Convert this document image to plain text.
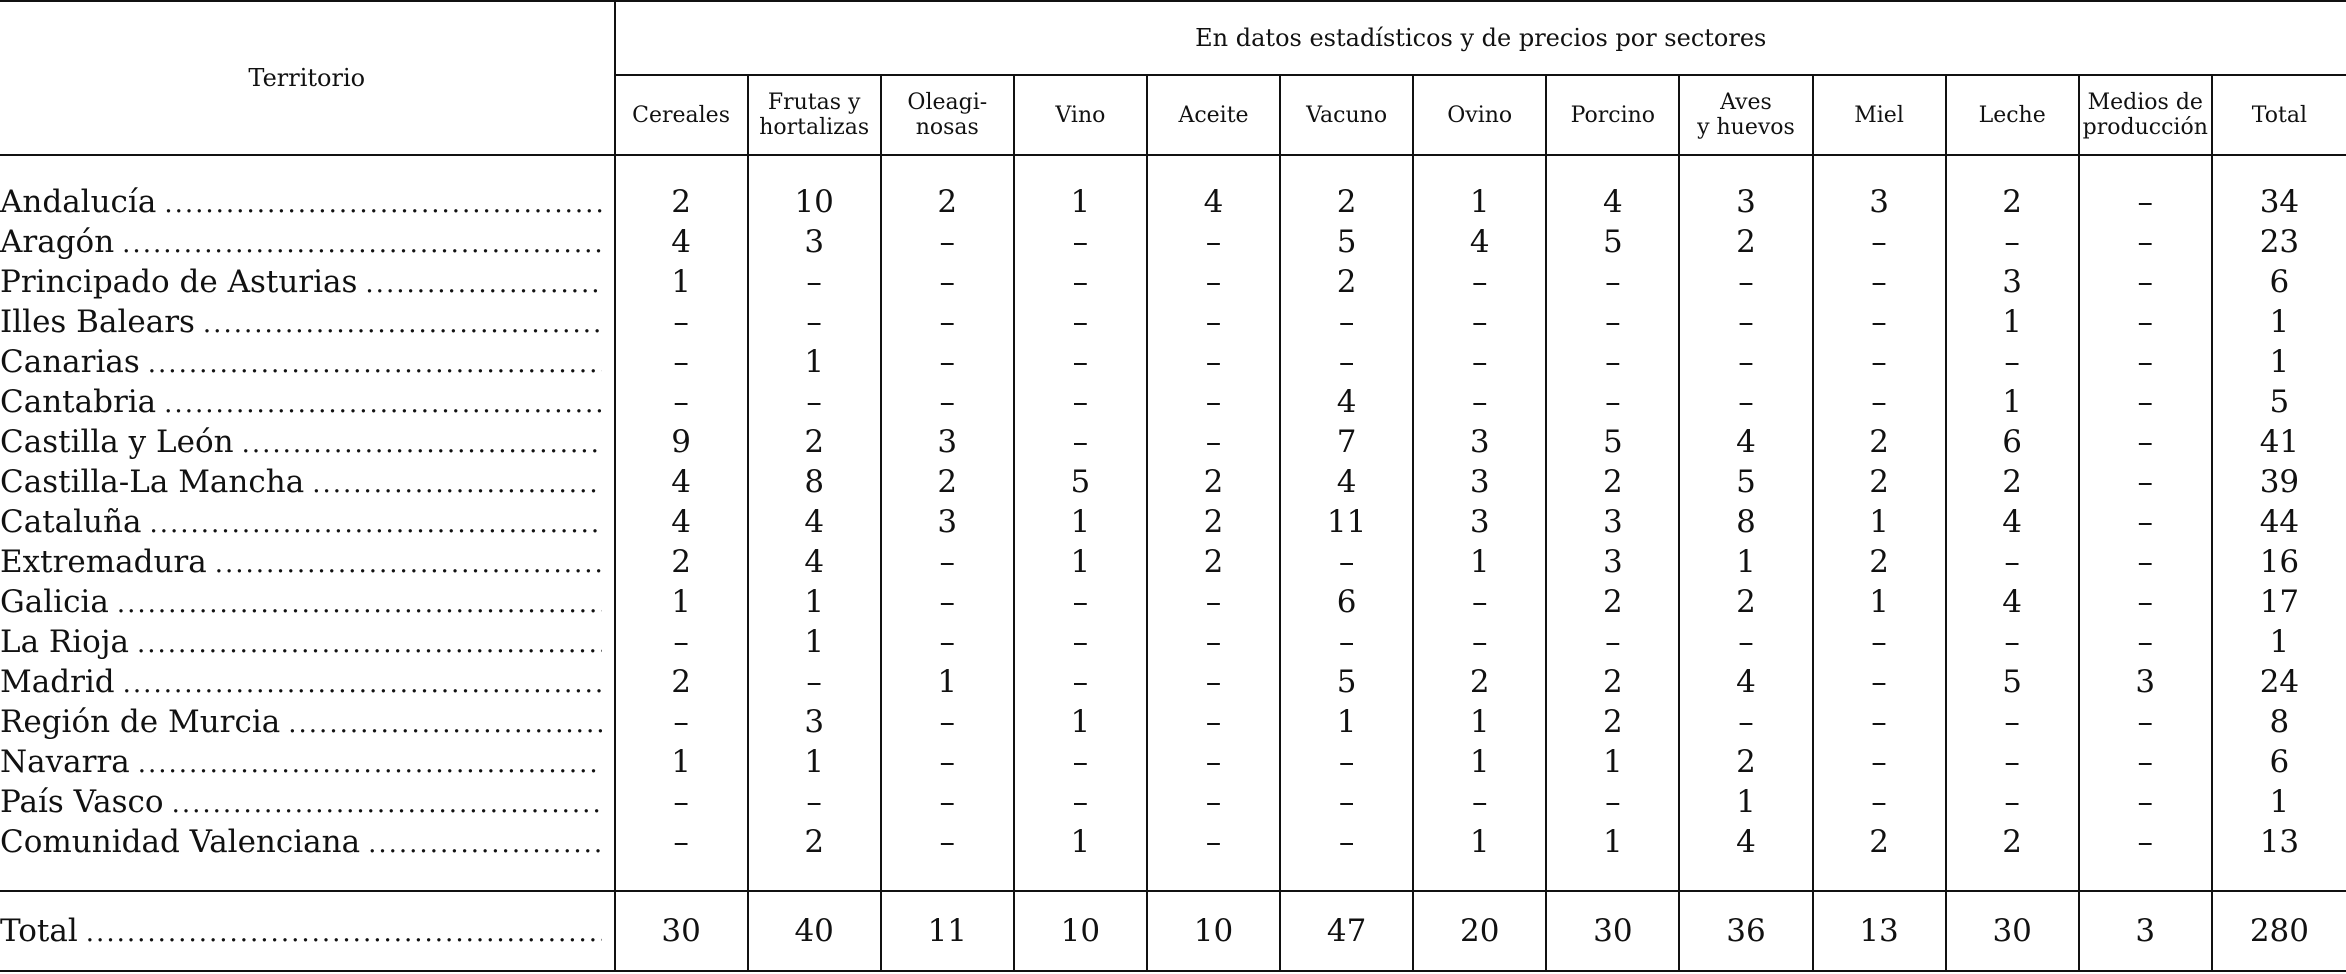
Territorio	En datos estadísticos y de precios por sectores												
	Cereales	Frutas y
hortalizas	Oleagi-
nosas	Vino	Aceite	Vacuno	Ovino	Porcino	Aves
y huevos	Miel	Leche	Medios de
producción	Total

Andalucía
.....	2	10	2	1	4	2	1	4	3	3	2	–	34

Aragón
.....	4	3	–	–	–	5	4	5	2	–	–	–	23

Principado de Asturias
.....	1	–	–	–	–	2	–	–	–	–	3	–	6

Illes Balears
.....	–	–	–	–	–	–	–	–	–	–	1	–	1

Canarias
.....	–	1	–	–	–	–	–	–	–	–	–	–	1

Cantabria
.....	–	–	–	–	–	4	–	–	–	–	1	–	5

Castilla y León
.....	9	2	3	–	–	7	3	5	4	2	6	–	41

Castilla-La Mancha
.....	4	8	2	5	2	4	3	2	5	2	2	–	39

Cataluña
.....	4	4	3	1	2	11	3	3	8	1	4	–	44

Extremadura
.....	2	4	–	1	2	–	1	3	1	2	–	–	16

Galicia
.....	1	1	–	–	–	6	–	2	2	1	4	–	17

La Rioja
.....	–	1	–	–	–	–	–	–	–	–	–	–	1

Madrid
.....	2	–	1	–	–	5	2	2	4	–	5	3	24

Región de Murcia
.....	–	3	–	1	–	1	1	2	–	–	–	–	8

Navarra
.....	1	1	–	–	–	–	1	1	2	–	–	–	6

País Vasco
.....	–	–	–	–	–	–	–	–	1	–	–	–	1

Comunidad Valenciana
.....	–	2	–	1	–	–	1	1	4	2	2	–	13

Total
.....	30	40	11	10	10	47	20	30	36	13	30	3	280
